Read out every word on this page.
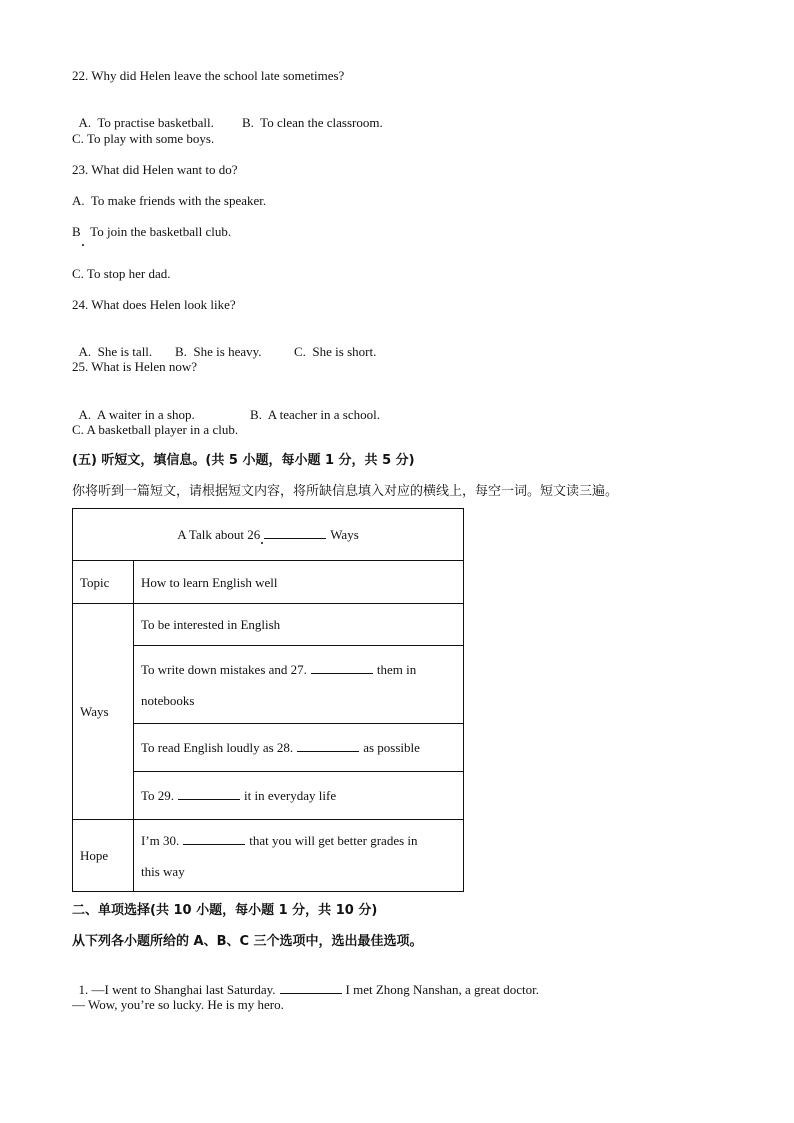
22. Why did Helen leave the school late sometimes?

A.  To practise basketball. B.  To clean the classroom.

C. To play with some boys.
23. What did Helen want to do?
A.  To make friends with the speaker.
B   To join the basketball club.
C. To stop her dad.
24. What does Helen look like?

A.  She is tall. B.  She is heavy. C.  She is short.

25. What is Helen now?

A.  A waiter in a shop.	B.  A teacher in a school.

C. A basketball player in a club.
(五) 听短文，填信息。(共 5 小题，每小题 1 分，共 5 分)
你将听到一篇短文，请根据短文内容，将所缺信息填入对应的横线上，每空一词。短文读三遍。
A Talk about 26 Ways	
Topic	How to learn English well
Ways	To be interested in English
	To write down mistakes and 27. them in
notebooks
	To read English loudly as 28. as possible
	To 29. it in everyday life
Hope	I’m 30. that you will get better grades in
this way
二、单项选择(共 10 小题，每小题 1 分，共 10 分)
从下列各小题所给的 A、B、C 三个选项中，选出最佳选项。

1. —I went to Shanghai last Saturday.	I met Zhong Nanshan, a great doctor.

— Wow, you’re so lucky. He is my hero.
